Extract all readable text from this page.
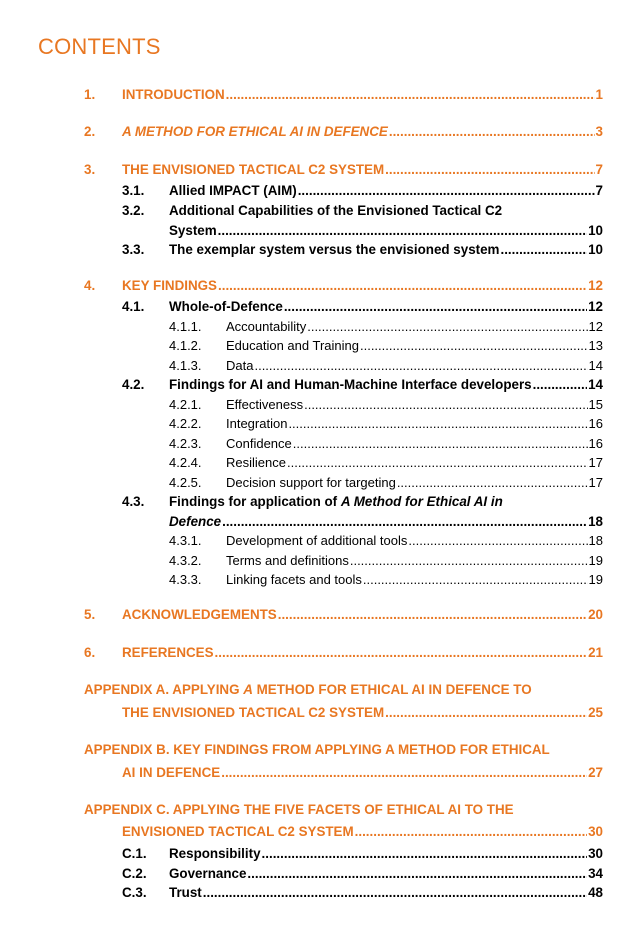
CONTENTS
1. INTRODUCTION .....	1
2. A METHOD FOR ETHICAL AI IN DEFENCE .....	3
3. THE ENVISIONED TACTICAL C2 SYSTEM .....	7
3.1. Allied IMPACT (AIM) .....	7
3.2. Additional Capabilities of the Envisioned Tactical C2
System .....	10
3.3. The exemplar system versus the envisioned system .....	10
4. KEY FINDINGS .....	12
4.1. Whole-of-Defence .....	12
4.1.1. Accountability .....	12
4.1.2. Education and Training .....	13
4.1.3. Data .....	14
4.2. Findings for AI and Human-Machine Interface developers .....	14
4.2.1. Effectiveness .....	15
4.2.2. Integration .....	16
4.2.3. Confidence .....	16
4.2.4. Resilience .....	17
4.2.5. Decision support for targeting .....	17
4.3. Findings for application of A Method for Ethical AI in
Defence .....	18
4.3.1. Development of additional tools .....	18
4.3.2. Terms and definitions .....	19
4.3.3. Linking facets and tools .....	19
5. ACKNOWLEDGEMENTS .....	20
6. REFERENCES .....	21
APPENDIX A. APPLYING A METHOD FOR ETHICAL AI IN DEFENCE TO
THE ENVISIONED TACTICAL C2 SYSTEM .....	25
APPENDIX B. KEY FINDINGS FROM APPLYING A METHOD FOR ETHICAL
AI IN DEFENCE .....	27
APPENDIX C. APPLYING THE FIVE FACETS OF ETHICAL AI TO THE
ENVISIONED TACTICAL C2 SYSTEM .....	30
C.1. Responsibility .....	30
C.2. Governance .....	34
C.3. Trust .....	48
